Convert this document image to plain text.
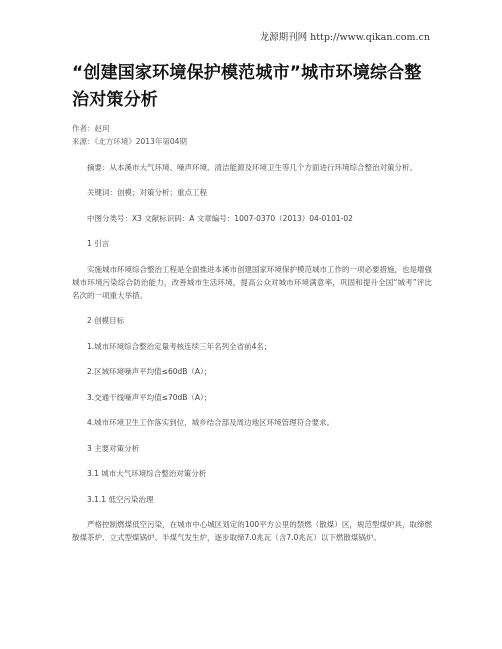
龙源期刊网 http://www.qikan.com.cn
“创建国家环境保护模范城市”城市环境综合整治对策分析
作者：赵珂
来源：《北方环境》2013年第04期

摘要：从本溪市大气环境、噪声环境、清洁能源及环境卫生等几个方面进行环境综合整治对策分析。

关键词：创模；对策分析；重点工程

中图分类号：X3 文献标识码：A 文章编号：1007-0370（2013）04-0101-02

1 引言

实施城市环境综合整治工程是全面推进本溪市创建国家环境保护模范城市工作的一项必要措施，也是增强城市环境污染综合防治能力，改善城市生活环境，提高公众对城市环境满意率，巩固和提升全国“城考”评比名次的一项重大举措。

2 创模目标

1.城市环境综合整治定量考核连续三年名列全省前4名；

2.区域环境噪声平均值≤60dB（A）；

3.交通干线噪声平均值≤70dB（A）；

4.城市环境卫生工作落实到位，城乡结合部及周边地区环境管理符合要求。

3 主要对策分析

3.1 城市大气环境综合整治对策分析

3.1.1 低空污染治理

严格控制燃煤低空污染，在城市中心城区划定的100平方公里的禁燃（散煤）区，规范型煤炉具，取缔燃散煤茶炉、立式型煤锅炉、半煤气发生炉，逐步取缔7.0兆瓦（含7.0兆瓦）以下燃散煤锅炉。
